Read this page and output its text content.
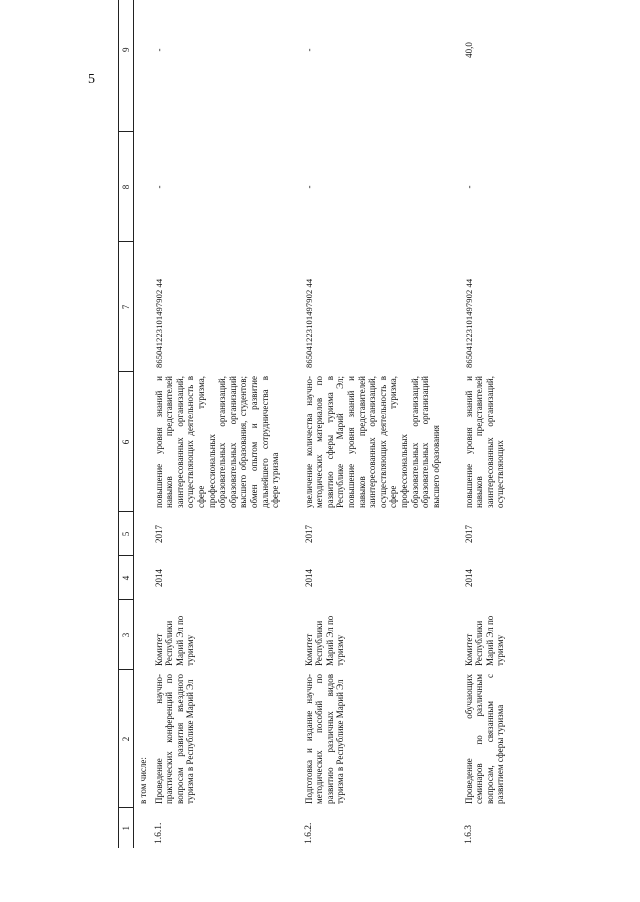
5
1	2	3	4	5	6	7	8	9
	в том числе:							
1.6.1.	Проведение научно-практических конференций по вопросам развития въездного туризма в Республике Марий Эл	Комитет Республики Марий Эл по туризму	2014	2017	повышение уровня знаний и навыков представителей заинтересованных организаций, осуществляющих деятельность в сфере туризма, профессиональных образовательных организаций, образовательных организаций высшего образования, студентов; обмен опытом и развитие дальнейшего сотрудничества в сфере туризма	865041223101497902 44	-	-
1.6.2.	Подготовка и издание научно-методических пособий по развитию различных видов туризма в Республике Марий Эл	Комитет Республики Марий Эл по туризму	2014	2017	увеличение количества научно-методических материалов по развитию сферы туризма в Республике Марий Эл; повышение уровня знаний и навыков представителей заинтересованных организаций, осуществляющих деятельность в сфере туризма, профессиональных образовательных организаций, образовательных организаций высшего образования	865041223101497902 44	-	-
1.6.3	Проведение обучающих семинаров по различным вопросам, связанным с развитием сферы туризма	Комитет Республики Марий Эл по туризму	2014	2017	повышение уровня знаний и навыков представителей заинтересованных организаций, осуществляющих	865041223101497902 44	-	40,0
